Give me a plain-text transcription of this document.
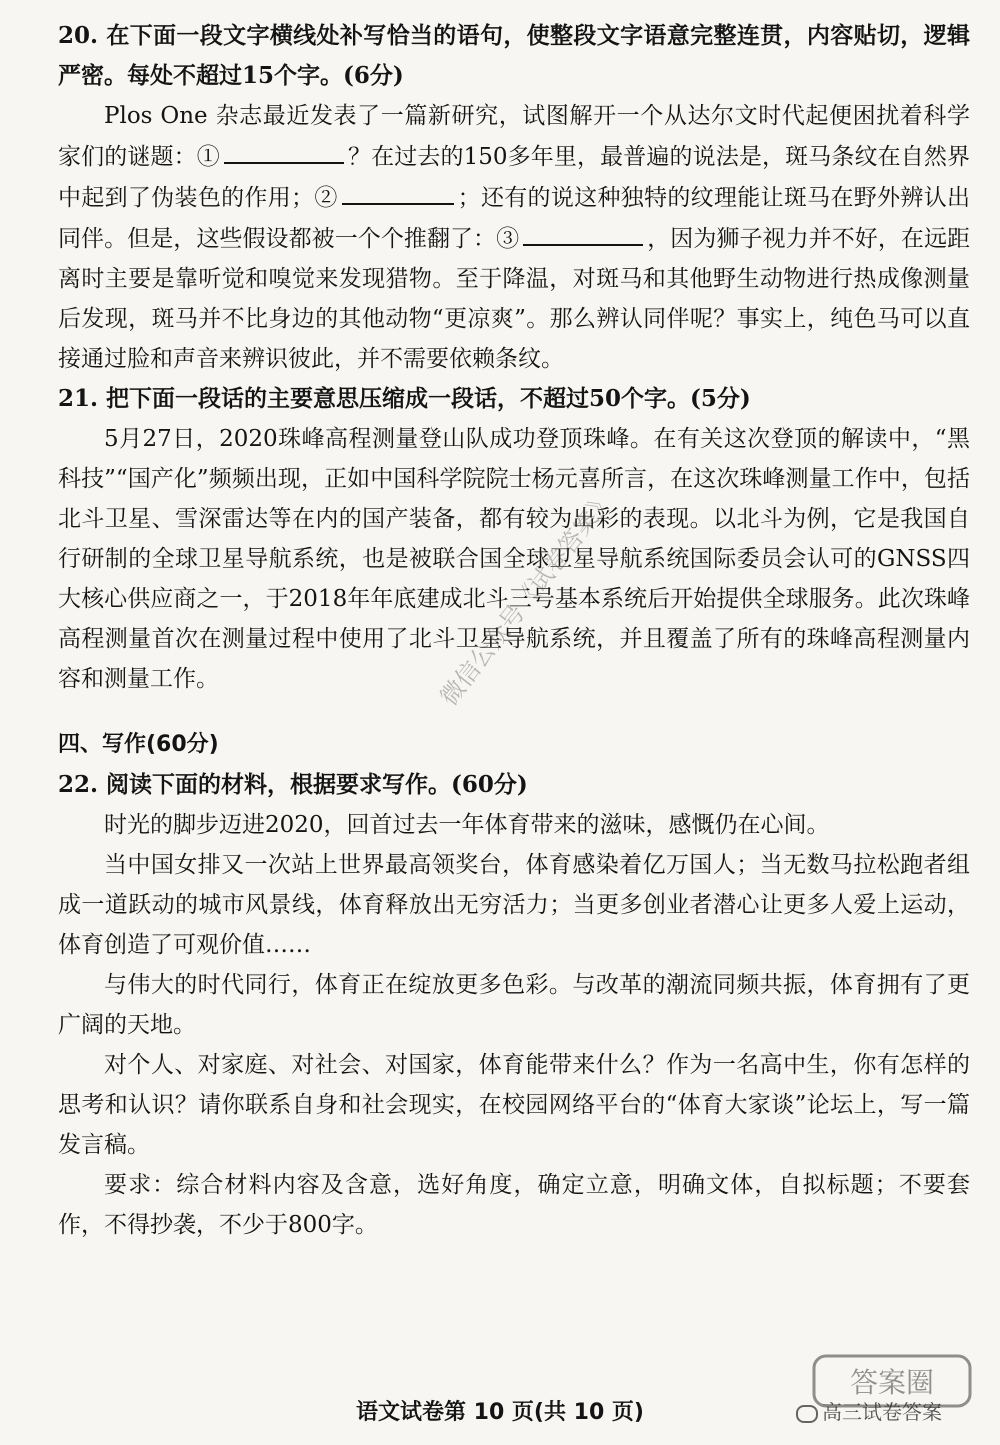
20. 在下面一段文字横线处补写恰当的语句，使整段文字语意完整连贯，内容贴切，逻辑严密。每处不超过15个字。(6分)

Plos One 杂志最近发表了一篇新研究，试图解开一个从达尔文时代起便困扰着科学家们的谜题：①	？在过去的150多年里，最普遍的说法是，斑马条纹在自然界中起到了伪装色的作用；②	；还有的说这种独特的纹理能让斑马在野外辨认出同伴。但是，这些假设都被一个个推翻了：③	，因为狮子视力并不好，在远距离时主要是靠听觉和嗅觉来发现猎物。至于降温，对斑马和其他野生动物进行热成像测量后发现，斑马并不比身边的其他动物“更凉爽”。那么辨认同伴呢？事实上，纯色马可以直接通过脸和声音来辨识彼此，并不需要依赖条纹。

21. 把下面一段话的主要意思压缩成一段话，不超过50个字。(5分)

5月27日，2020珠峰高程测量登山队成功登顶珠峰。在有关这次登顶的解读中，“黑科技”“国产化”频频出现，正如中国科学院院士杨元喜所言，在这次珠峰测量工作中，包括北斗卫星、雪深雷达等在内的国产装备，都有较为出彩的表现。以北斗为例，它是我国自行研制的全球卫星导航系统，也是被联合国全球卫星导航系统国际委员会认可的GNSS四大核心供应商之一，于2018年年底建成北斗三号基本系统后开始提供全球服务。此次珠峰高程测量首次在测量过程中使用了北斗卫星导航系统，并且覆盖了所有的珠峰高程测量内容和测量工作。

四、写作(60分)

22. 阅读下面的材料，根据要求写作。(60分)

时光的脚步迈进2020，回首过去一年体育带来的滋味，感慨仍在心间。

当中国女排又一次站上世界最高领奖台，体育感染着亿万国人；当无数马拉松跑者组成一道跃动的城市风景线，体育释放出无穷活力；当更多创业者潜心让更多人爱上运动，体育创造了可观价值……

与伟大的时代同行，体育正在绽放更多色彩。与改革的潮流同频共振，体育拥有了更广阔的天地。

对个人、对家庭、对社会、对国家，体育能带来什么？作为一名高中生，你有怎样的思考和认识？请你联系自身和社会现实，在校园网络平台的“体育大家谈”论坛上，写一篇发言稿。

要求：综合材料内容及含意，选好角度，确定立意，明确文体，自拟标题；不要套作，不得抄袭，不少于800字。

微信公众号《试卷答案》
答案圈
高三试卷答案
语文试卷第 10 页(共 10 页)
